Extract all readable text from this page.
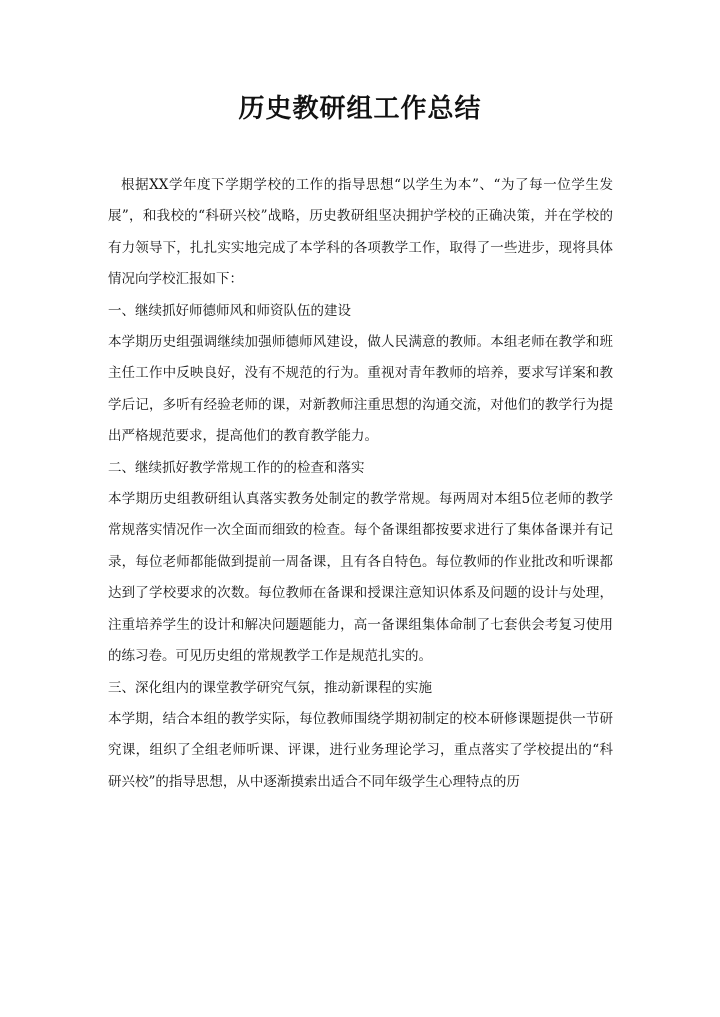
历史教研组工作总结

根据XX学年度下学期学校的工作的指导思想“以学生为本”、“为了每一位学生发展”，和我校的“科研兴校”战略，历史教研组坚决拥护学校的正确决策，并在学校的有力领导下，扎扎实实地完成了本学科的各项教学工作，取得了一些进步，现将具体情况向学校汇报如下：

一、继续抓好师德师风和师资队伍的建设

本学期历史组强调继续加强师德师风建设，做人民满意的教师。本组老师在教学和班主任工作中反映良好，没有不规范的行为。重视对青年教师的培养，要求写详案和教学后记，多听有经验老师的课，对新教师注重思想的沟通交流，对他们的教学行为提出严格规范要求，提高他们的教育教学能力。

二、继续抓好教学常规工作的的检查和落实

本学期历史组教研组认真落实教务处制定的教学常规。每两周对本组5位老师的教学常规落实情况作一次全面而细致的检查。每个备课组都按要求进行了集体备课并有记录，每位老师都能做到提前一周备课，且有各自特色。每位教师的作业批改和听课都达到了学校要求的次数。每位教师在备课和授课注意知识体系及问题的设计与处理，注重培养学生的设计和解决问题题能力，高一备课组集体命制了七套供会考复习使用的练习卷。可见历史组的常规教学工作是规范扎实的。

三、深化组内的课堂教学研究气氛，推动新课程的实施

本学期，结合本组的教学实际，每位教师围绕学期初制定的校本研修课题提供一节研究课，组织了全组老师听课、评课，进行业务理论学习，重点落实了学校提出的“科研兴校”的指导思想，从中逐渐摸索出适合不同年级学生心理特点的历
